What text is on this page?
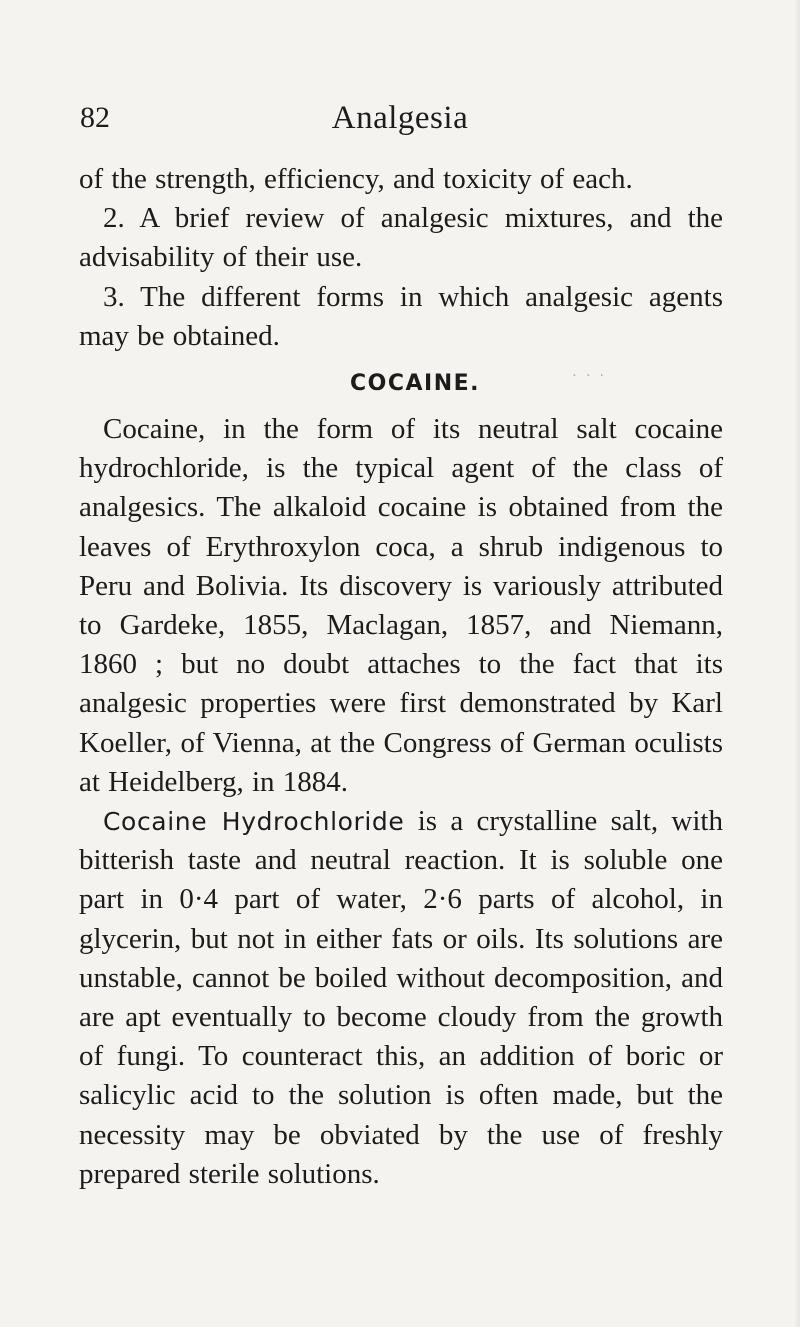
Analgesia
82
˛ ˛ ˛

of the strength, efficiency, and toxicity of each.

2. A brief review of analgesic mixtures, and the advisability of their use.

3. The different forms in which analgesic agents may be obtained.

COCAINE.

Cocaine, in the form of its neutral salt cocaine hydrochloride, is the typical agent of the class of analgesics. The alkaloid cocaine is obtained from the leaves of Erythroxylon coca, a shrub indigenous to Peru and Bolivia. Its discovery is variously attributed to Gardeke, 1855, Maclagan, 1857, and Niemann, 1860 ; but no doubt attaches to the fact that its analgesic properties were first demonstrated by Karl Koeller, of Vienna, at the Congress of German oculists at Heidelberg, in 1884.

Cocaine Hydrochloride is a crystalline salt, with bitterish taste and neutral reaction. It is soluble one part in 0·4 part of water, 2·6 parts of alcohol, in glycerin, but not in either fats or oils. Its solutions are unstable, cannot be boiled without decomposition, and are apt eventually to become cloudy from the growth of fungi. To counteract this, an addition of boric or salicylic acid to the solution is often made, but the necessity may be obviated by the use of freshly prepared sterile solutions.
